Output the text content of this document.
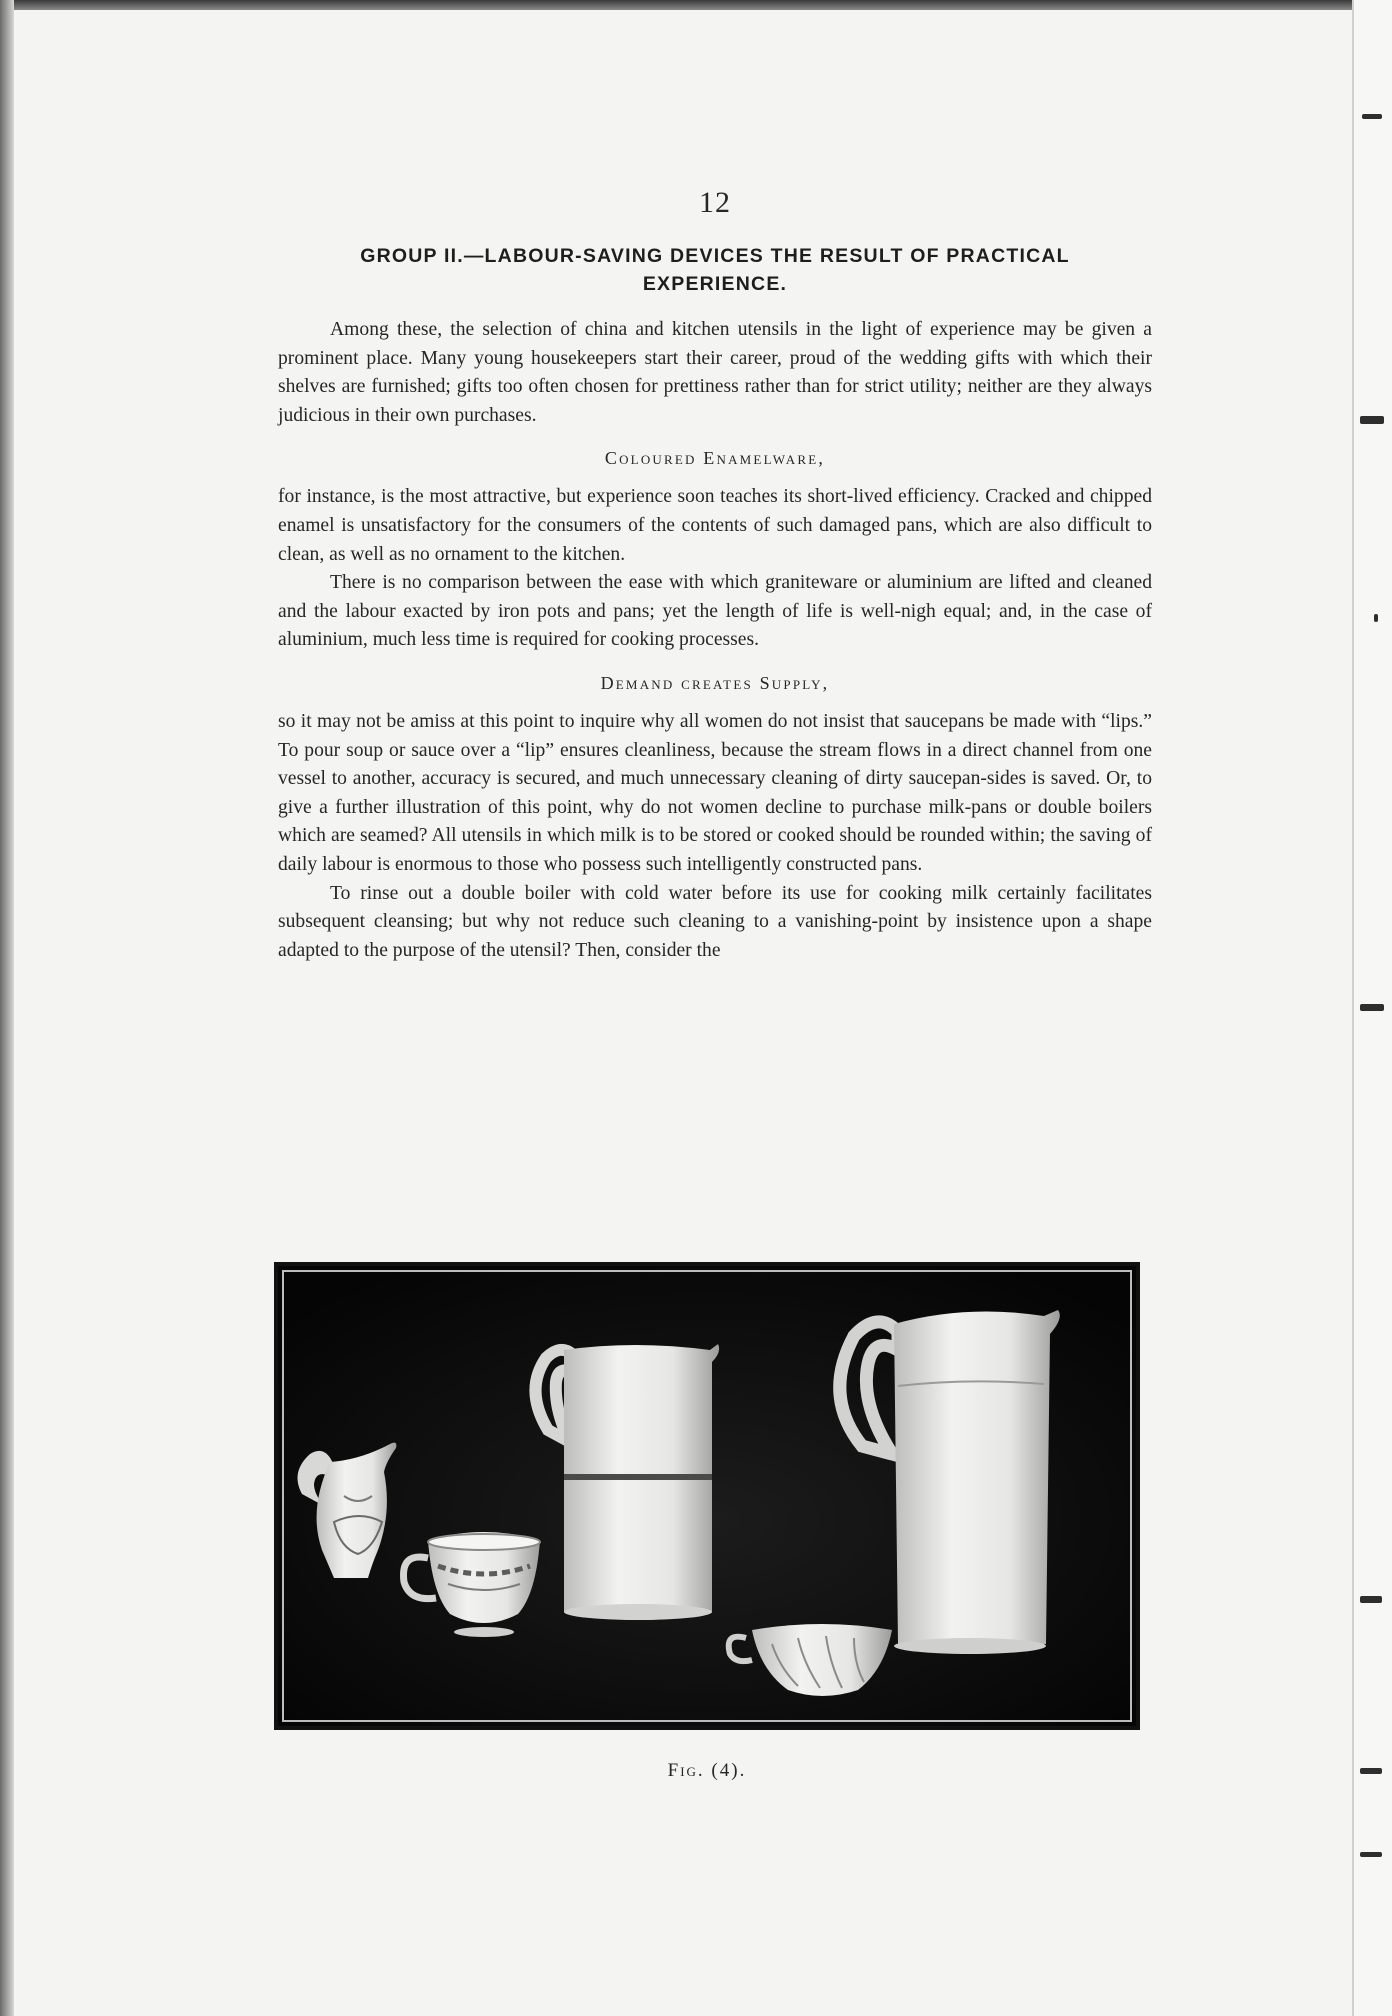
12
GROUP II.—LABOUR-SAVING DEVICES THE RESULT OF PRACTICAL
EXPERIENCE.

Among these, the selection of china and kitchen utensils in the light of experience may be given a prominent place. Many young housekeepers start their career, proud of the wedding gifts with which their shelves are furnished; gifts too often chosen for prettiness rather than for strict utility; neither are they always judicious in their own purchases.

Coloured Enamelware,

for instance, is the most attractive, but experience soon teaches its short-lived efficiency. Cracked and chipped enamel is unsatisfactory for the consumers of the contents of such damaged pans, which are also difficult to clean, as well as no ornament to the kitchen.

There is no comparison between the ease with which graniteware or aluminium are lifted and cleaned and the labour exacted by iron pots and pans; yet the length of life is well-nigh equal; and, in the case of aluminium, much less time is required for cooking processes.

Demand creates Supply,

so it may not be amiss at this point to inquire why all women do not insist that saucepans be made with “lips.” To pour soup or sauce over a “lip” ensures cleanliness, because the stream flows in a direct channel from one vessel to another, accuracy is secured, and much unnecessary cleaning of dirty saucepan-sides is saved. Or, to give a further illustration of this point, why do not women decline to purchase milk-pans or double boilers which are seamed? All utensils in which milk is to be stored or cooked should be rounded within; the saving of daily labour is enormous to those who possess such intelligently constructed pans.

To rinse out a double boiler with cold water before its use for cooking milk certainly facilitates subsequent cleansing; but why not reduce such cleaning to a vanishing-point by insistence upon a shape adapted to the purpose of the utensil? Then, consider the

Fig. (4).
